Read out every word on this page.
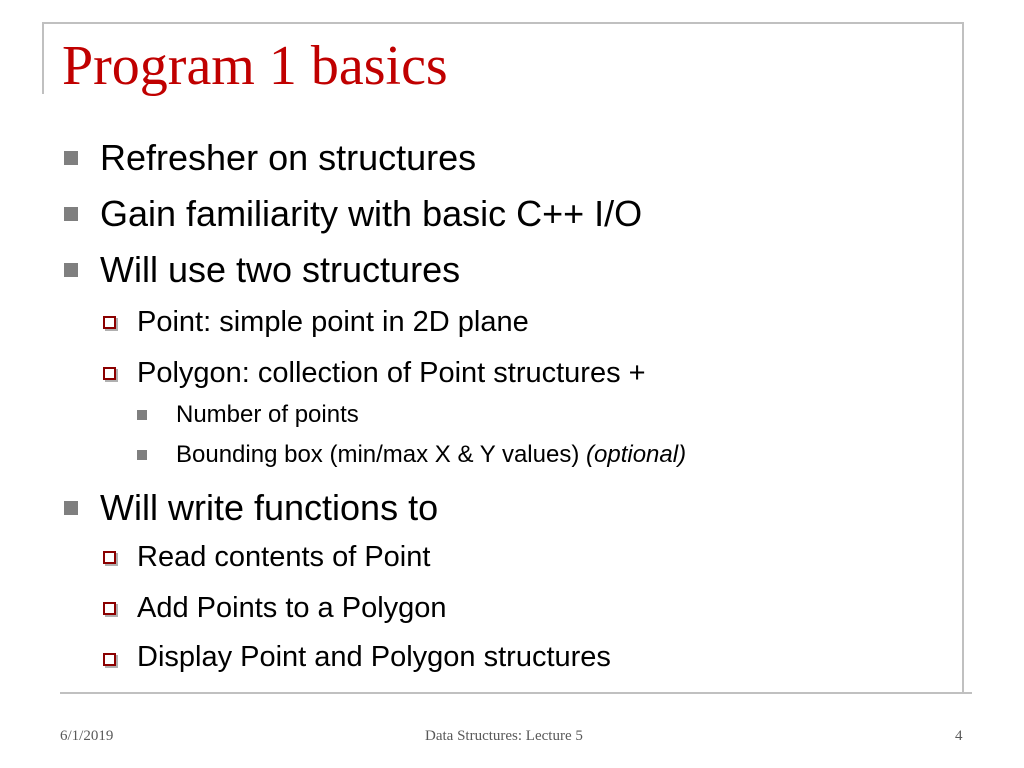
Program 1 basics
Refresher on structures
Gain familiarity with basic C++ I/O
Will use two structures
Point: simple point in 2D plane
Polygon: collection of Point structures +
Number of points
Bounding box (min/max X & Y values) (optional)
Will write functions to
Read contents of Point
Add Points to a Polygon
Display Point and Polygon structures
6/1/2019	Data Structures: Lecture 5	4
